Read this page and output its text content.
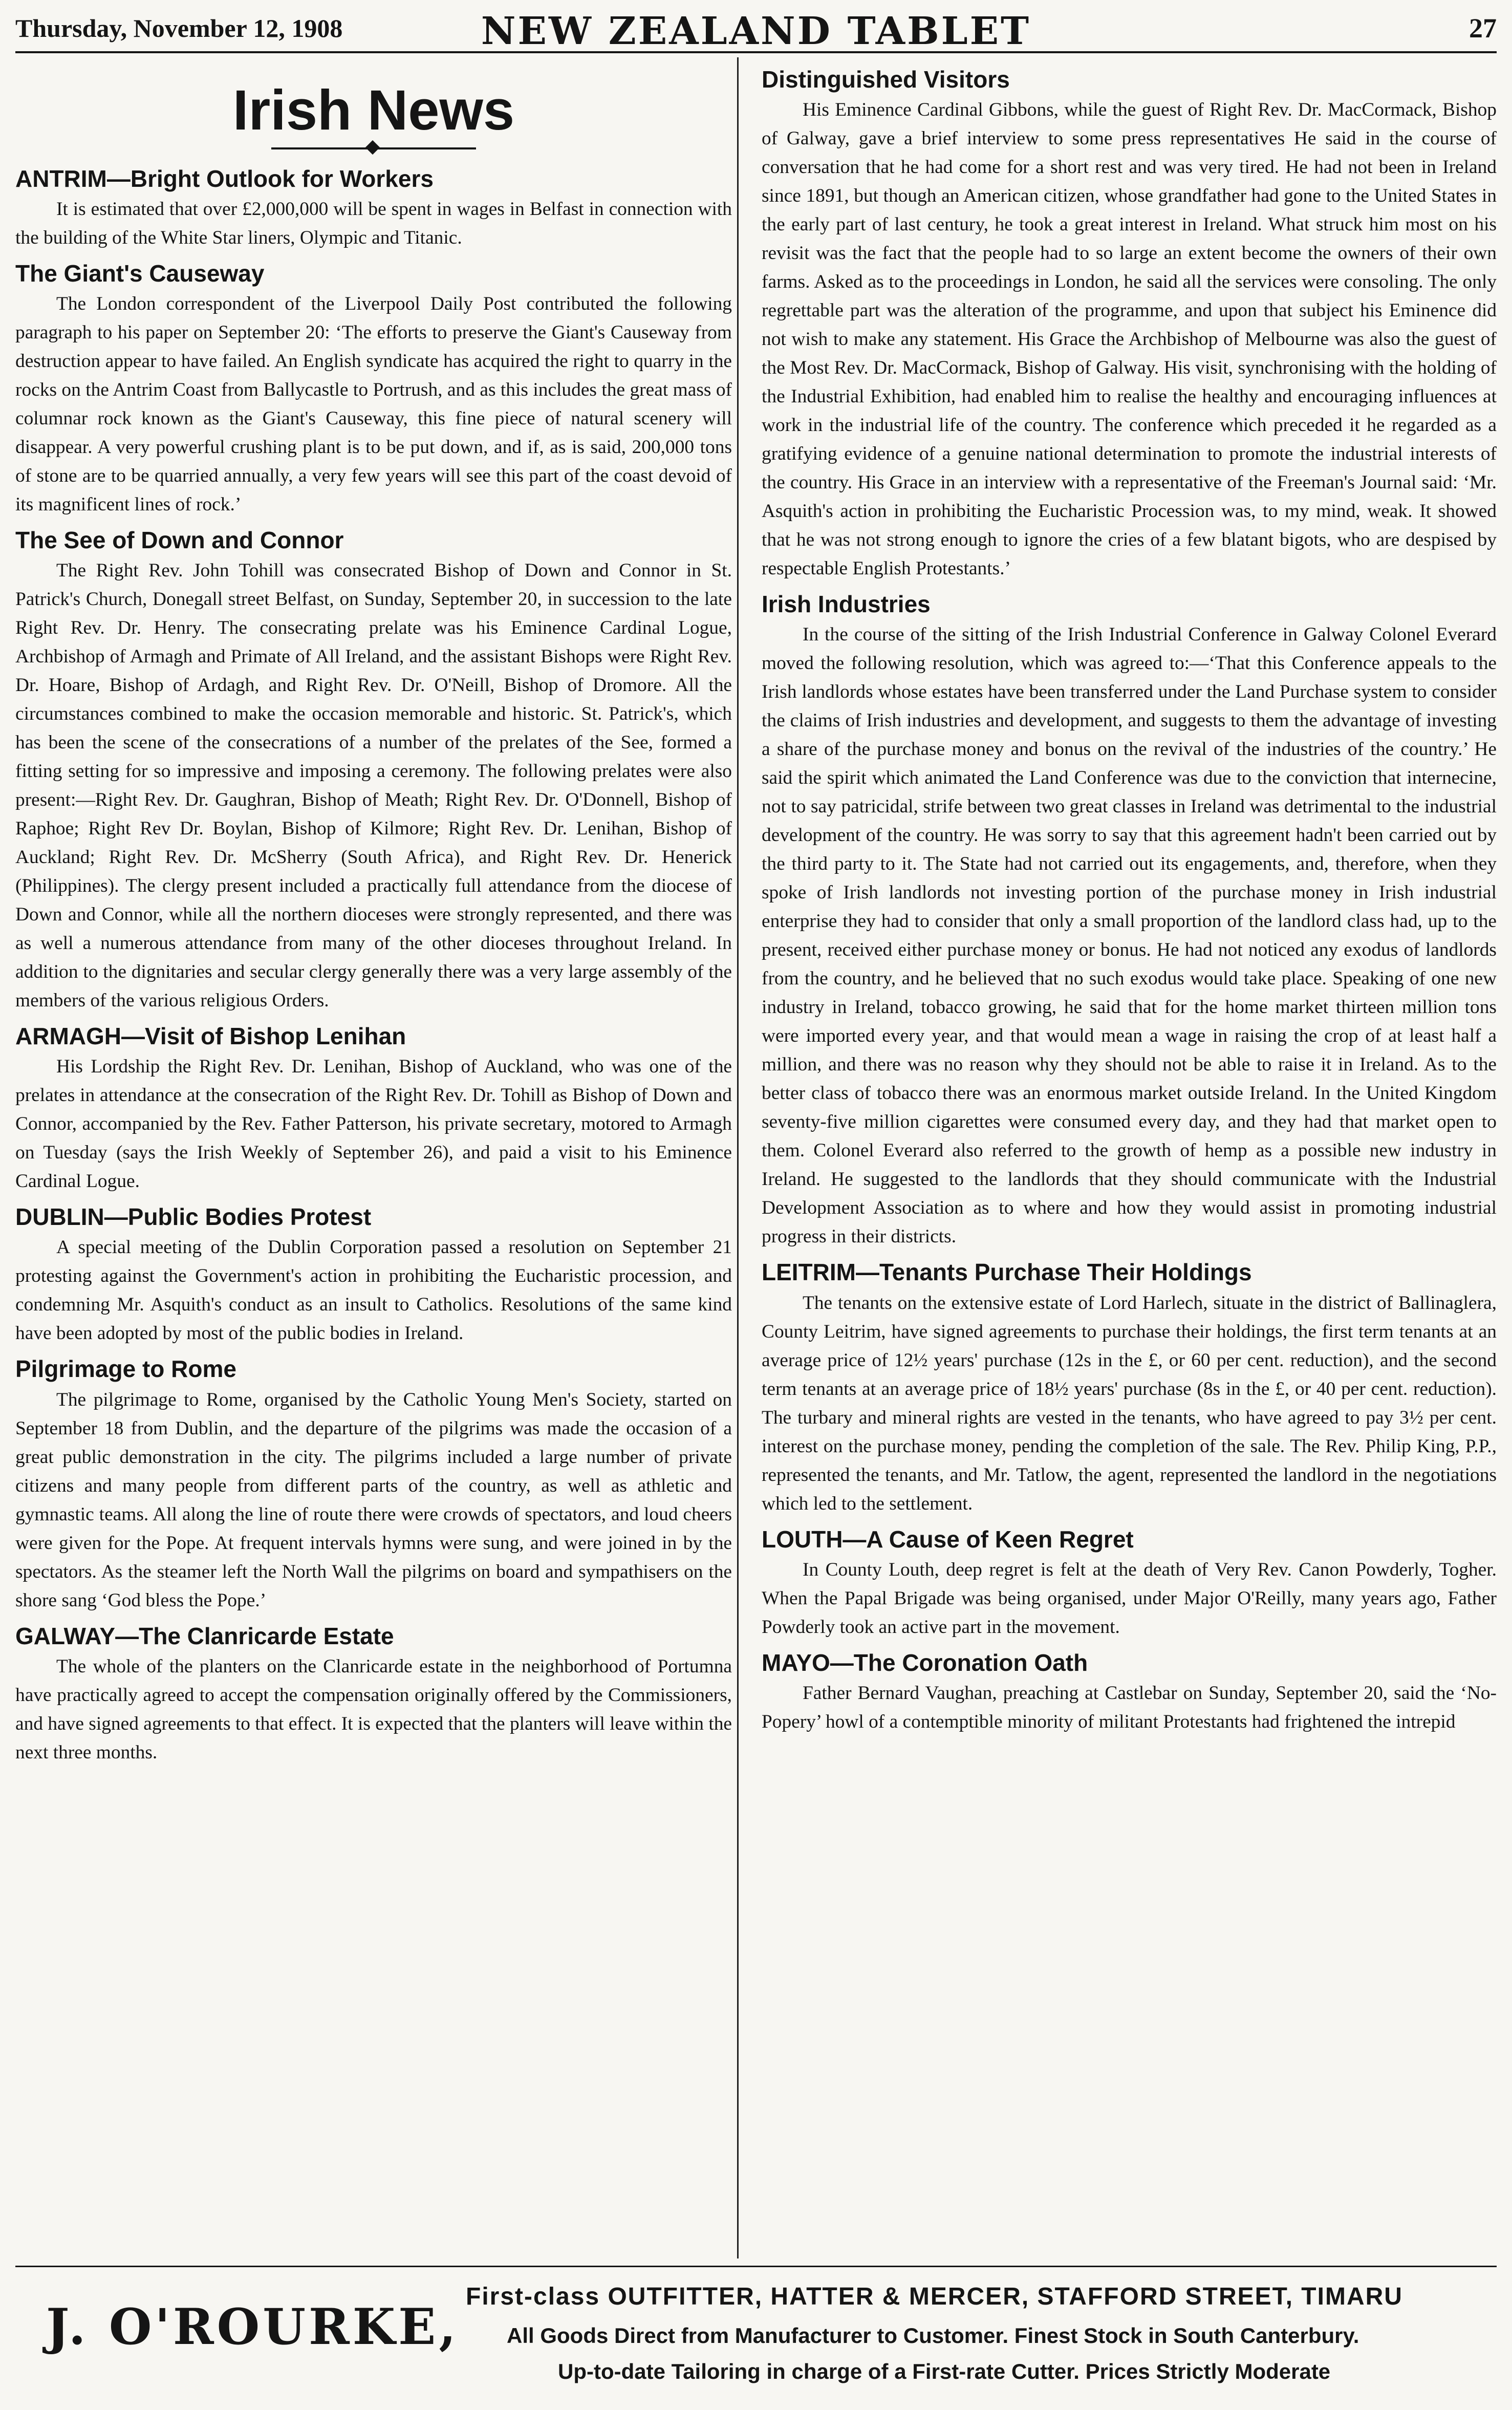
Thursday, November 12, 1908	NEW ZEALAND TABLET	27
Irish News
ANTRIM—Bright Outlook for Workers

It is estimated that over £2,000,000 will be spent in wages in Belfast in connection with the building of the White Star liners, Olympic and Titanic.

The Giant's Causeway

The London correspondent of the Liverpool Daily Post contributed the following paragraph to his paper on September 20: ‘The efforts to preserve the Giant's Causeway from destruction appear to have failed. An English syndicate has acquired the right to quarry in the rocks on the Antrim Coast from Ballycastle to Portrush, and as this includes the great mass of columnar rock known as the Giant's Causeway, this fine piece of natural scenery will disappear. A very powerful crushing plant is to be put down, and if, as is said, 200,000 tons of stone are to be quarried annually, a very few years will see this part of the coast devoid of its magnificent lines of rock.’

The See of Down and Connor

The Right Rev. John Tohill was consecrated Bishop of Down and Connor in St. Patrick's Church, Donegall street Belfast, on Sunday, September 20, in succession to the late Right Rev. Dr. Henry. The consecrating prelate was his Eminence Cardinal Logue, Archbishop of Armagh and Primate of All Ireland, and the assistant Bishops were Right Rev. Dr. Hoare, Bishop of Ardagh, and Right Rev. Dr. O'Neill, Bishop of Dromore. All the circumstances combined to make the occasion memorable and historic. St. Patrick's, which has been the scene of the consecrations of a number of the prelates of the See, formed a fitting setting for so impressive and imposing a ceremony. The following prelates were also present:—Right Rev. Dr. Gaughran, Bishop of Meath; Right Rev. Dr. O'Donnell, Bishop of Raphoe; Right Rev Dr. Boylan, Bishop of Kilmore; Right Rev. Dr. Lenihan, Bishop of Auckland; Right Rev. Dr. McSherry (South Africa), and Right Rev. Dr. Henerick (Philippines). The clergy present included a practically full attendance from the diocese of Down and Connor, while all the northern dioceses were strongly represented, and there was as well a numerous attendance from many of the other dioceses throughout Ireland. In addition to the dignitaries and secular clergy generally there was a very large assembly of the members of the various religious Orders.

ARMAGH—Visit of Bishop Lenihan

His Lordship the Right Rev. Dr. Lenihan, Bishop of Auckland, who was one of the prelates in attendance at the consecration of the Right Rev. Dr. Tohill as Bishop of Down and Connor, accompanied by the Rev. Father Patterson, his private secretary, motored to Armagh on Tuesday (says the Irish Weekly of September 26), and paid a visit to his Eminence Cardinal Logue.

DUBLIN—Public Bodies Protest

A special meeting of the Dublin Corporation passed a resolution on September 21 protesting against the Government's action in prohibiting the Eucharistic procession, and condemning Mr. Asquith's conduct as an insult to Catholics. Resolutions of the same kind have been adopted by most of the public bodies in Ireland.

Pilgrimage to Rome

The pilgrimage to Rome, organised by the Catholic Young Men's Society, started on September 18 from Dublin, and the departure of the pilgrims was made the occasion of a great public demonstration in the city. The pilgrims included a large number of private citizens and many people from different parts of the country, as well as athletic and gymnastic teams. All along the line of route there were crowds of spectators, and loud cheers were given for the Pope. At frequent intervals hymns were sung, and were joined in by the spectators. As the steamer left the North Wall the pilgrims on board and sympathisers on the shore sang ‘God bless the Pope.’

GALWAY—The Clanricarde Estate

The whole of the planters on the Clanricarde estate in the neighborhood of Portumna have practically agreed to accept the compensation originally offered by the Commissioners, and have signed agreements to that effect. It is expected that the planters will leave within the next three months.

Distinguished Visitors

His Eminence Cardinal Gibbons, while the guest of Right Rev. Dr. MacCormack, Bishop of Galway, gave a brief interview to some press representatives He said in the course of conversation that he had come for a short rest and was very tired. He had not been in Ireland since 1891, but though an American citizen, whose grandfather had gone to the United States in the early part of last century, he took a great interest in Ireland. What struck him most on his revisit was the fact that the people had to so large an extent become the owners of their own farms. Asked as to the proceedings in London, he said all the services were consoling. The only regrettable part was the alteration of the programme, and upon that subject his Eminence did not wish to make any statement. His Grace the Archbishop of Melbourne was also the guest of the Most Rev. Dr. MacCormack, Bishop of Galway. His visit, synchronising with the holding of the Industrial Exhibition, had enabled him to realise the healthy and encouraging influences at work in the industrial life of the country. The conference which preceded it he regarded as a gratifying evidence of a genuine national determination to promote the industrial interests of the country. His Grace in an interview with a representative of the Freeman's Journal said: ‘Mr. Asquith's action in prohibiting the Eucharistic Procession was, to my mind, weak. It showed that he was not strong enough to ignore the cries of a few blatant bigots, who are despised by respectable English Protestants.’

Irish Industries

In the course of the sitting of the Irish Industrial Conference in Galway Colonel Everard moved the following resolution, which was agreed to:—‘That this Conference appeals to the Irish landlords whose estates have been transferred under the Land Purchase system to consider the claims of Irish industries and development, and suggests to them the advantage of investing a share of the purchase money and bonus on the revival of the industries of the country.’ He said the spirit which animated the Land Conference was due to the conviction that internecine, not to say patricidal, strife between two great classes in Ireland was detrimental to the industrial development of the country. He was sorry to say that this agreement hadn't been carried out by the third party to it. The State had not carried out its engagements, and, therefore, when they spoke of Irish landlords not investing portion of the purchase money in Irish industrial enterprise they had to consider that only a small proportion of the landlord class had, up to the present, received either purchase money or bonus. He had not noticed any exodus of landlords from the country, and he believed that no such exodus would take place. Speaking of one new industry in Ireland, tobacco growing, he said that for the home market thirteen million tons were imported every year, and that would mean a wage in raising the crop of at least half a million, and there was no reason why they should not be able to raise it in Ireland. As to the better class of tobacco there was an enormous market outside Ireland. In the United Kingdom seventy-five million cigarettes were consumed every day, and they had that market open to them. Colonel Everard also referred to the growth of hemp as a possible new industry in Ireland. He suggested to the landlords that they should communicate with the Industrial Development Association as to where and how they would assist in promoting industrial progress in their districts.

LEITRIM—Tenants Purchase Their Holdings

The tenants on the extensive estate of Lord Harlech, situate in the district of Ballinaglera, County Leitrim, have signed agreements to purchase their holdings, the first term tenants at an average price of 12½ years' purchase (12s in the £, or 60 per cent. reduction), and the second term tenants at an average price of 18½ years' purchase (8s in the £, or 40 per cent. reduction). The turbary and mineral rights are vested in the tenants, who have agreed to pay 3½ per cent. interest on the purchase money, pending the completion of the sale. The Rev. Philip King, P.P., represented the tenants, and Mr. Tatlow, the agent, represented the landlord in the negotiations which led to the settlement.

LOUTH—A Cause of Keen Regret

In County Louth, deep regret is felt at the death of Very Rev. Canon Powderly, Togher. When the Papal Brigade was being organised, under Major O'Reilly, many years ago, Father Powderly took an active part in the movement.

MAYO—The Coronation Oath

Father Bernard Vaughan, preaching at Castlebar on Sunday, September 20, said the ‘No-Popery’ howl of a contemptible minority of militant Protestants had frightened the intrepid

J. O'ROURKE,
First-class OUTFITTER, HATTER & MERCER, STAFFORD STREET, TIMARU
All Goods Direct from Manufacturer to Customer. Finest Stock in South Canterbury.
Up-to-date Tailoring in charge of a First-rate Cutter. Prices Strictly Moderate
